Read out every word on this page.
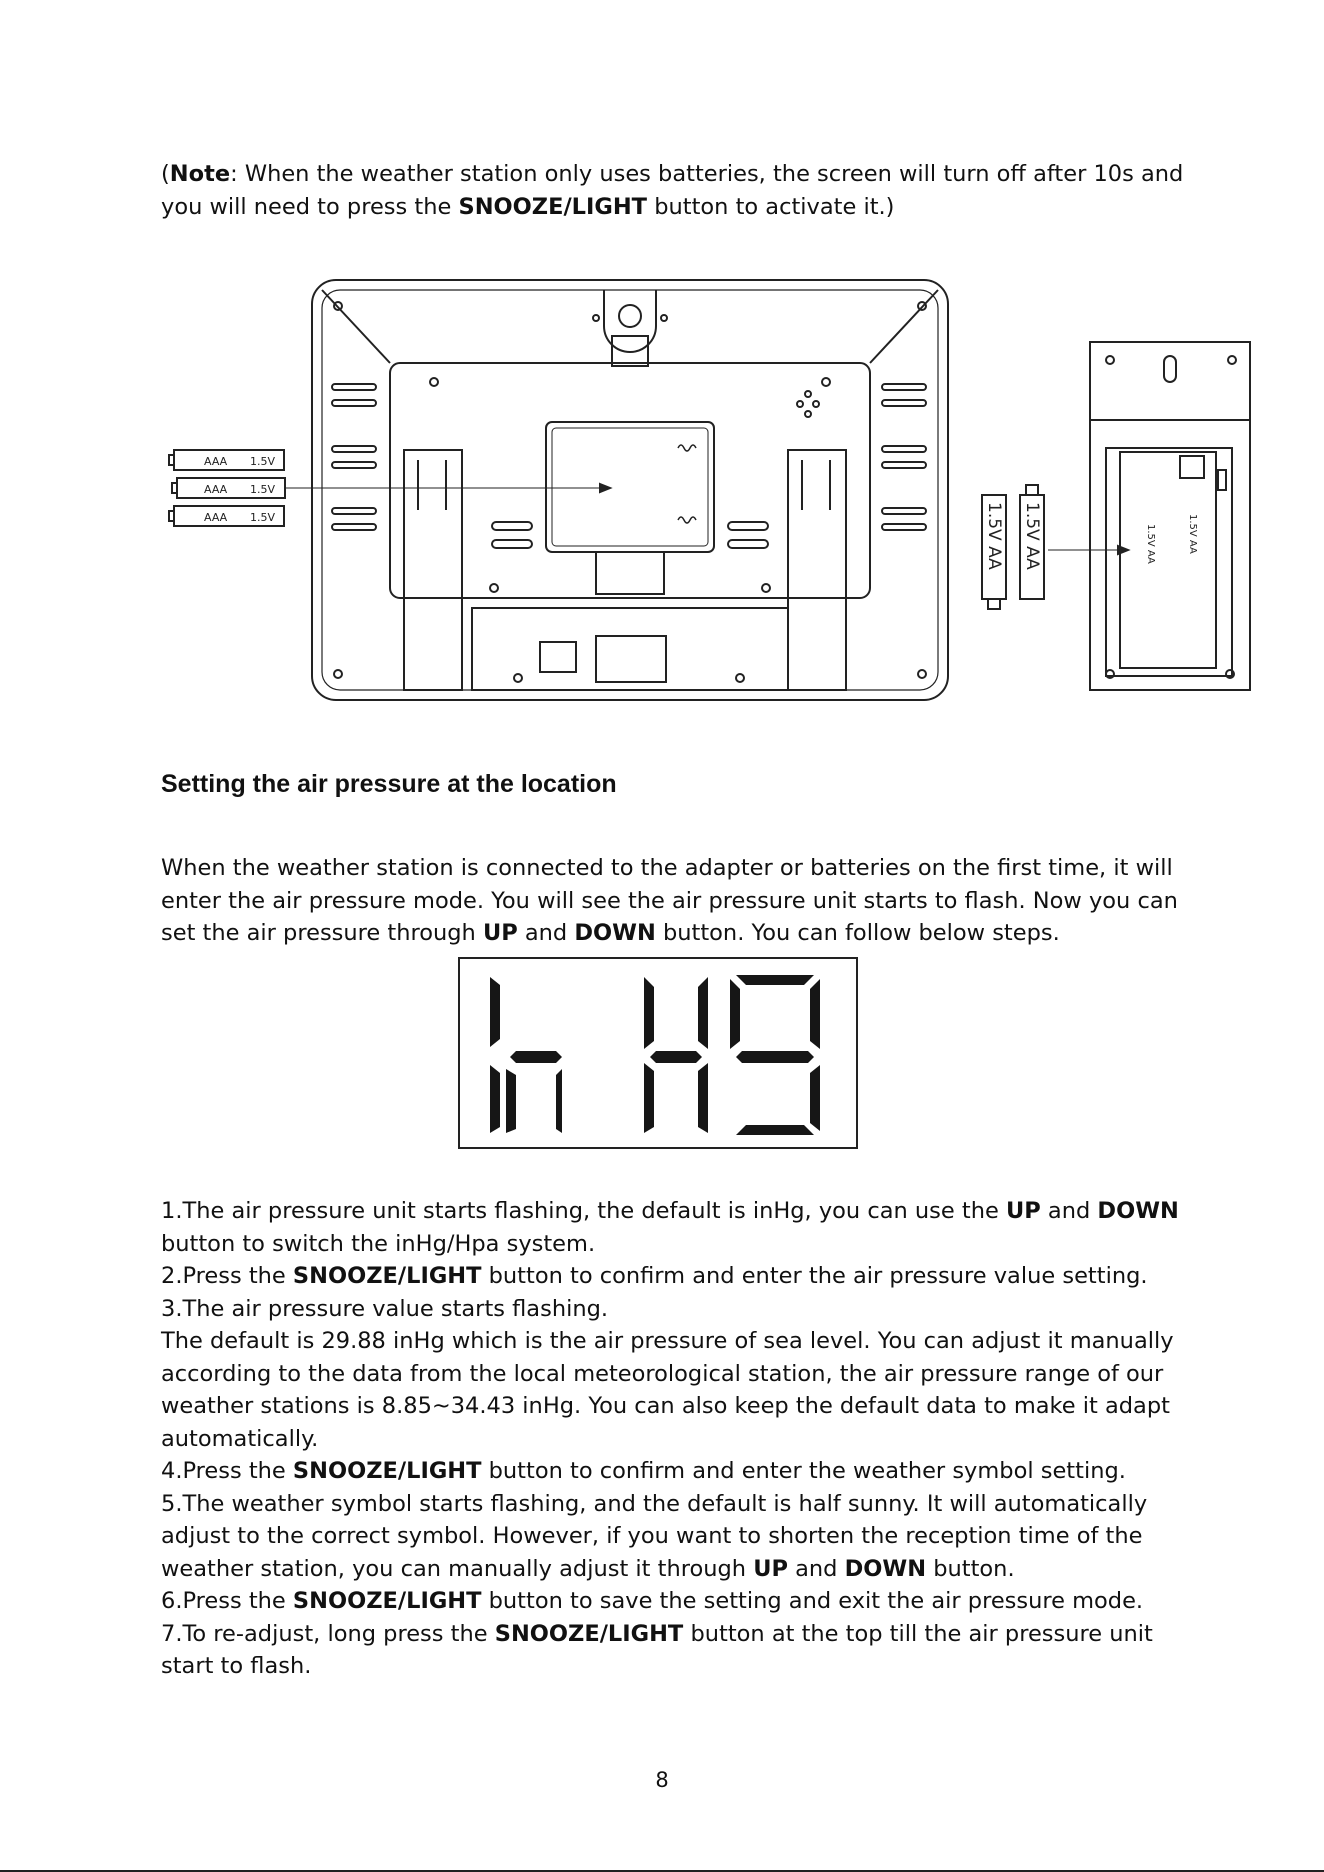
(Note: When the weather station only uses batteries, the screen will turn off after 10s and you will need to press the SNOOZE/LIGHT button to activate it.)

AAA 1.5V
AAA 1.5V
AAA 1.5V	1.5V AA 1.5V AA	1.5V AA	1.5V AA
Setting the air pressure at the location

When the weather station is connected to the adapter or batteries on the first time, it will enter the air pressure mode. You will see the air pressure unit starts to flash. Now you can set the air pressure through UP and DOWN button. You can follow below steps.

1.The air pressure unit starts flashing, the default is inHg, you can use the UP and DOWN button to switch the inHg/Hpa system.

2.Press the SNOOZE/LIGHT button to confirm and enter the air pressure value setting.

3.The air pressure value starts flashing.

The default is 29.88 inHg which is the air pressure of sea level. You can adjust it manually according to the data from the local meteorological station, the air pressure range of our weather stations is 8.85~34.43 inHg. You can also keep the default data to make it adapt automatically.

4.Press the SNOOZE/LIGHT button to confirm and enter the weather symbol setting.

5.The weather symbol starts flashing, and the default is half sunny. It will automatically adjust to the correct symbol. However, if you want to shorten the reception time of the weather station, you can manually adjust it through UP and DOWN button.

6.Press the SNOOZE/LIGHT button to save the setting and exit the air pressure mode.

7.To re-adjust, long press the SNOOZE/LIGHT button at the top till the air pressure unit start to flash.

8
